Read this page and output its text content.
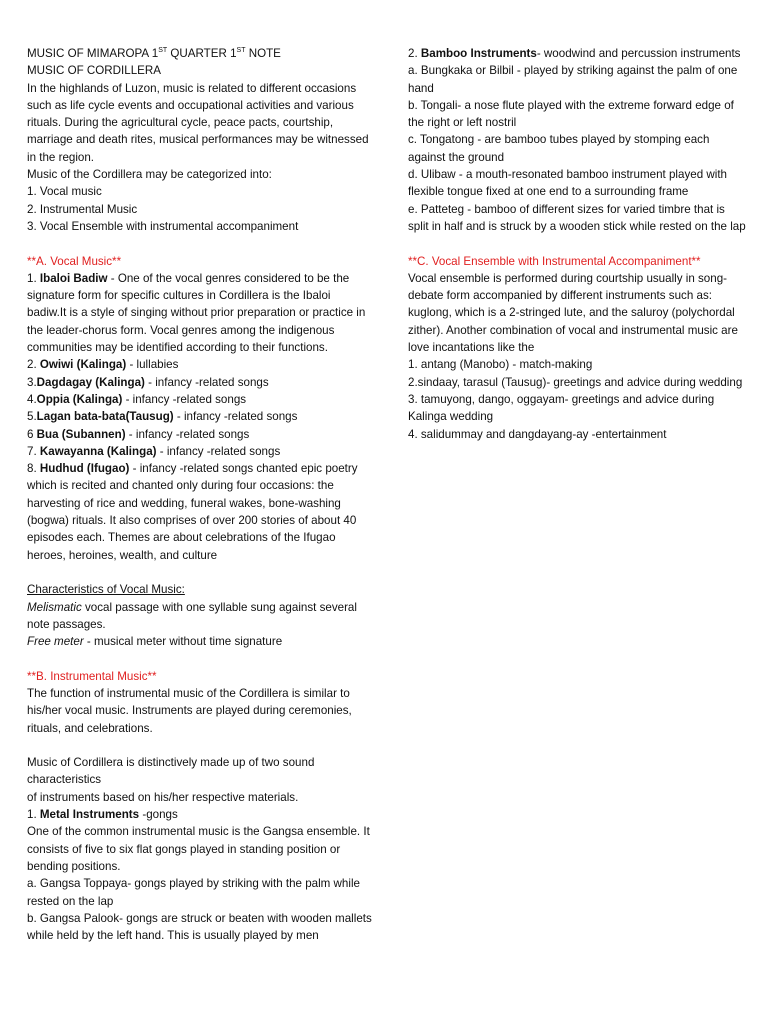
MUSIC OF MIMAROPA 1ST QUARTER 1ST NOTE

MUSIC OF CORDILLERA

In the highlands of Luzon, music is related to different occasions such as life cycle events and occupational activities and various rituals. During the agricultural cycle, peace pacts, courtship, marriage and death rites, musical performances may be witnessed in the region.

Music of the Cordillera may be categorized into:

1. Vocal music

2. Instrumental Music

3. Vocal Ensemble with instrumental accompaniment

**A. Vocal Music**

1. Ibaloi Badiw - One of the vocal genres considered to be the signature form for specific cultures in Cordillera is the Ibaloi badiw.It is a style of singing without prior preparation or practice in the leader-chorus form. Vocal genres among the indigenous communities may be identified according to their functions.

2. Owiwi (Kalinga) - lullabies

3.Dagdagay (Kalinga) - infancy -related songs

4.Oppia (Kalinga) - infancy -related songs

5.Lagan bata-bata(Tausug) - infancy -related songs

6 Bua (Subannen) - infancy -related songs

7. Kawayanna (Kalinga) - infancy -related songs

8. Hudhud (Ifugao) - infancy -related songs chanted epic poetry which is recited and chanted only during four occasions: the harvesting of rice and wedding, funeral wakes, bone-washing (bogwa) rituals. It also comprises of over 200 stories of about 40 episodes each. Themes are about celebrations of the Ifugao heroes, heroines, wealth, and culture

Characteristics of Vocal Music:

Melismatic vocal passage with one syllable sung against several note passages.

Free meter - musical meter without time signature

**B. Instrumental Music**

The function of instrumental music of the Cordillera is similar to his/her vocal music. Instruments are played during ceremonies, rituals, and celebrations.

Music of Cordillera is distinctively made up of two sound characteristics

of instruments based on his/her respective materials.

1. Metal Instruments -gongs

One of the common instrumental music is the Gangsa ensemble. It consists of five to six flat gongs played in standing position or bending positions.

a. Gangsa Toppaya- gongs played by striking with the palm while rested on the lap

b. Gangsa Palook- gongs are struck or beaten with wooden mallets while held by the left hand. This is usually played by men

2. Bamboo Instruments- woodwind and percussion instruments

a. Bungkaka or Bilbil - played by striking against the palm of one hand

b. Tongali- a nose flute played with the extreme forward edge of the right or left nostril

c. Tongatong - are bamboo tubes played by stomping each against the ground

d. Ulibaw - a mouth-resonated bamboo instrument played with flexible tongue fixed at one end to a surrounding frame

e. Patteteg - bamboo of different sizes for varied timbre that is split in half and is struck by a wooden stick while rested on the lap

**C. Vocal Ensemble with Instrumental Accompaniment**

Vocal ensemble is performed during courtship usually in song-debate form accompanied by different instruments such as: kuglong, which is a 2-stringed lute, and the saluroy (polychordal zither). Another combination of vocal and instrumental music are love incantations like the

1. antang (Manobo) - match-making

2.sindaay, tarasul (Tausug)- greetings and advice during wedding

3. tamuyong, dango, oggayam- greetings and advice during Kalinga wedding

4. salidummay and dangdayang-ay -entertainment
